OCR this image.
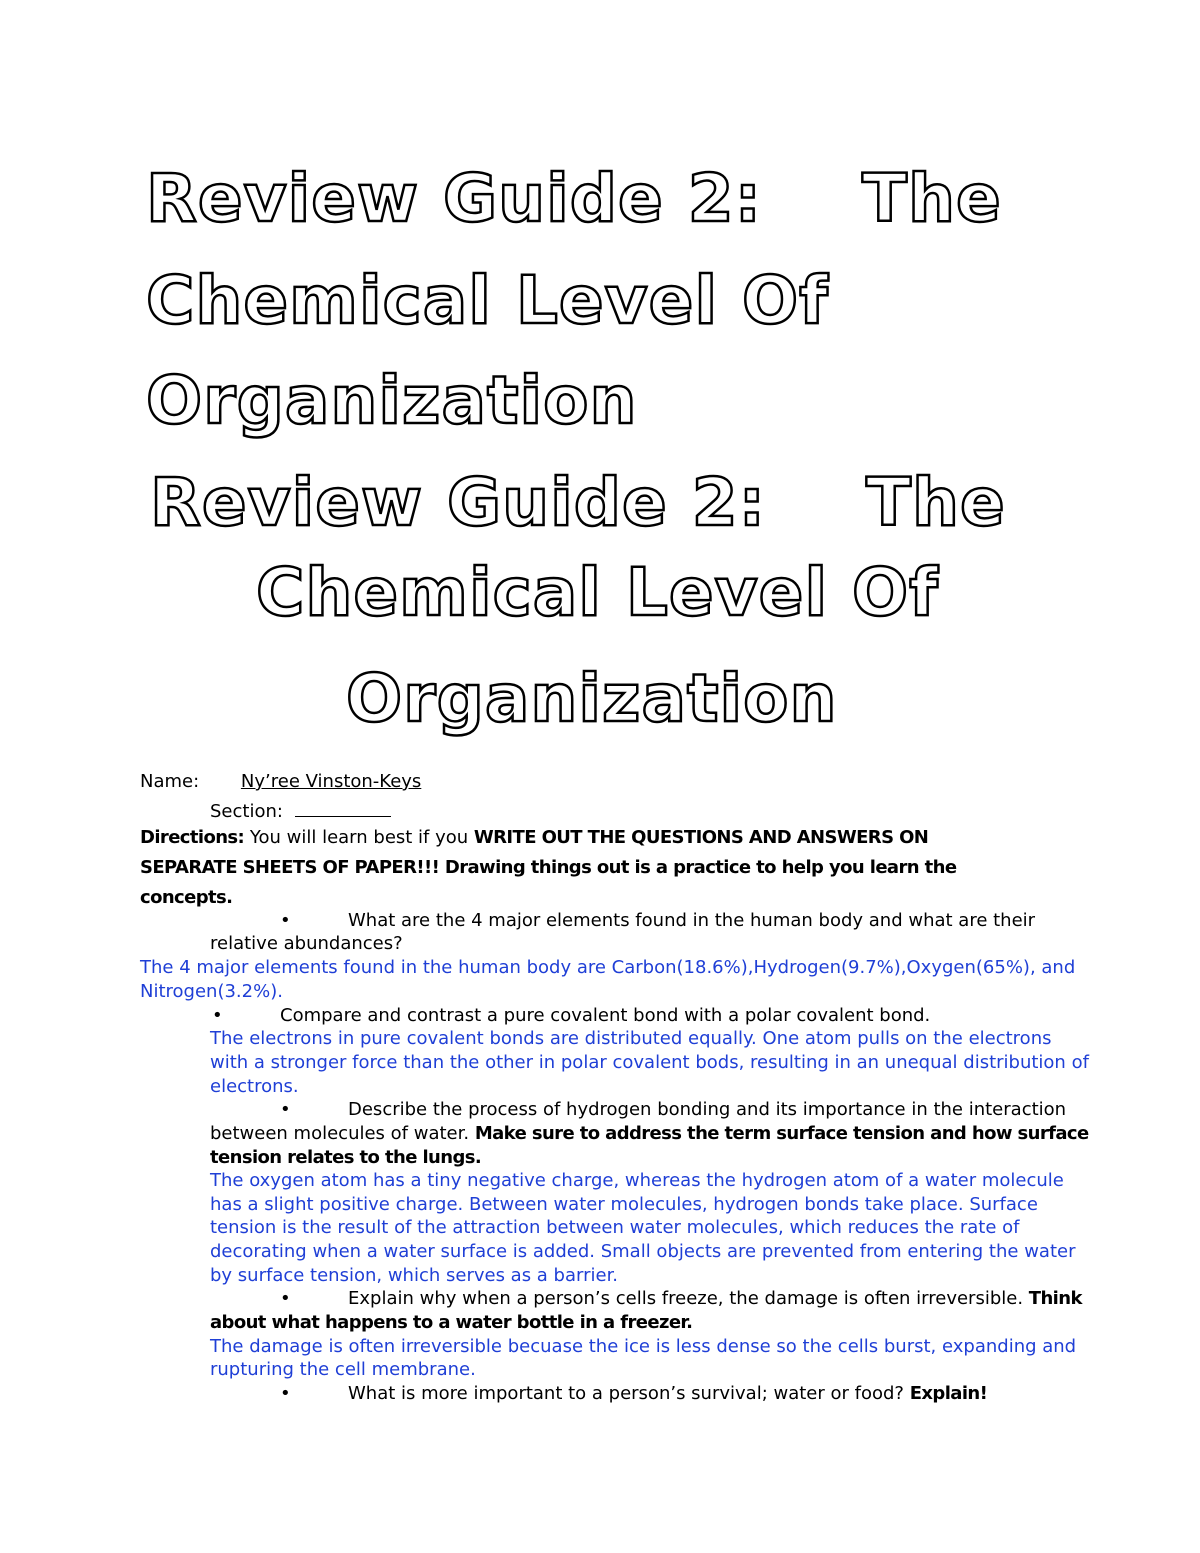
Review Guide 2: The
Chemical Level Of
Organization
Review Guide 2: The
Chemical Level Of
Organization
Name: Ny’ree Vinston-Keys
Section:
Directions: You will learn best if you WRITE OUT THE QUESTIONS AND ANSWERS ON
SEPARATE SHEETS OF PAPER!!! Drawing things out is a practice to help you learn the
concepts.
•	What are the 4 major elements found in the human body and what are their
relative abundances?
The 4 major elements found in the human body are Carbon(18.6%),Hydrogen(9.7%),Oxygen(65%), and
Nitrogen(3.2%).
•	Compare and contrast a pure covalent bond with a polar covalent bond.
The electrons in pure covalent bonds are distributed equally. One atom pulls on the electrons
with a stronger force than the other in polar covalent bods, resulting in an unequal distribution of
electrons.
•	Describe the process of hydrogen bonding and its importance in the interaction
between molecules of water. Make sure to address the term surface tension and how surface
tension relates to the lungs.
The oxygen atom has a tiny negative charge, whereas the hydrogen atom of a water molecule
has a slight positive charge. Between water molecules, hydrogen bonds take place. Surface
tension is the result of the attraction between water molecules, which reduces the rate of
decorating when a water surface is added. Small objects are prevented from entering the water
by surface tension, which serves as a barrier.
•	Explain why when a person’s cells freeze, the damage is often irreversible. Think
about what happens to a water bottle in a freezer.
The damage is often irreversible becuase the ice is less dense so the cells burst, expanding and
rupturing the cell membrane.
•	What is more important to a person’s survival; water or food? Explain!
